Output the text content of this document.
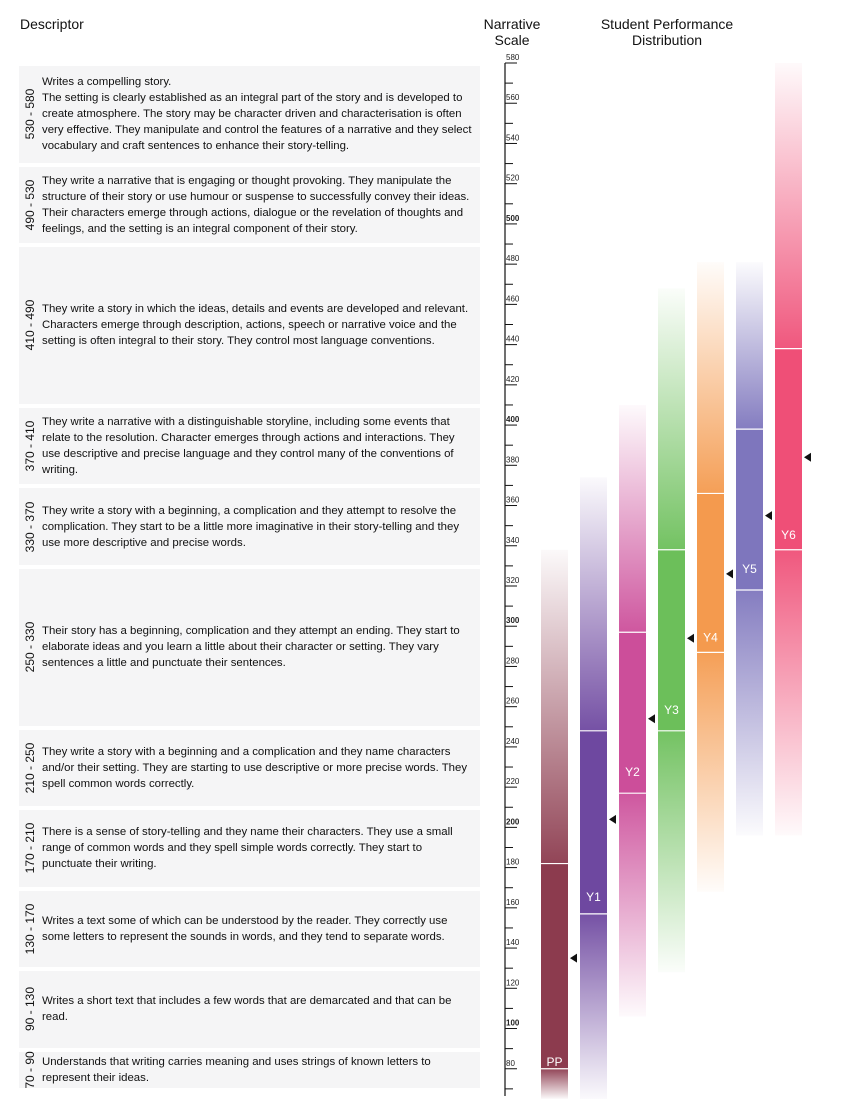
Descriptor	Narrative
Scale
Student Performance
Distribution
530 - 580
Writes a compelling story.
The setting is clearly established as an integral part of the story and is developed to create atmosphere. The story may be character driven and characterisation is often very effective. They manipulate and control the features of a narrative and they select vocabulary and craft sentences to enhance their story-telling.
490 - 530 They write a narrative that is engaging or thought provoking. They manipulate the structure of their story or use humour or suspense to successfully convey their ideas. Their characters emerge through actions, dialogue or the revelation of thoughts and feelings, and the setting is an integral component of their story.
410 - 490 They write a story in which the ideas, details and events are developed and relevant. Characters emerge through description, actions, speech or narrative voice and the setting is often integral to their story. They control most language conventions.
370 - 410 They write a narrative with a distinguishable storyline, including some events that relate to the resolution. Character emerges through actions and interactions. They use descriptive and precise language and they control many of the conventions of writing.
330 - 370 They write a story with a beginning, a complication and they attempt to resolve the complication. They start to be a little more imaginative in their story-telling and they use more descriptive and precise words.
250 - 330 Their story has a beginning, complication and they attempt an ending. They start to elaborate ideas and you learn a little about their character or setting. They vary sentences a little and punctuate their sentences.
210 - 250 They write a story with a beginning and a complication and they name characters and/or their setting. They are starting to use descriptive or more precise words. They spell common words correctly.
170 - 210 There is a sense of story-telling and they name their characters. They use a small range of common words and they spell simple words correctly. They start to punctuate their writing.
130 - 170 Writes a text some of which can be understood by the reader. They correctly use some letters to represent the sounds in words, and they tend to separate words.
90 - 130 Writes a short text that includes a few words that are demarcated and that can be read.
70 - 90 Understands that writing carries meaning and uses strings of known letters to represent their ideas.
80
100
120
140
160
180
200
220
240
260
280
300
320
340
360
380
400
420
440
460
480
500
520
540
560
580
PP
Y1
Y2
Y3
Y4
Y5
Y6
